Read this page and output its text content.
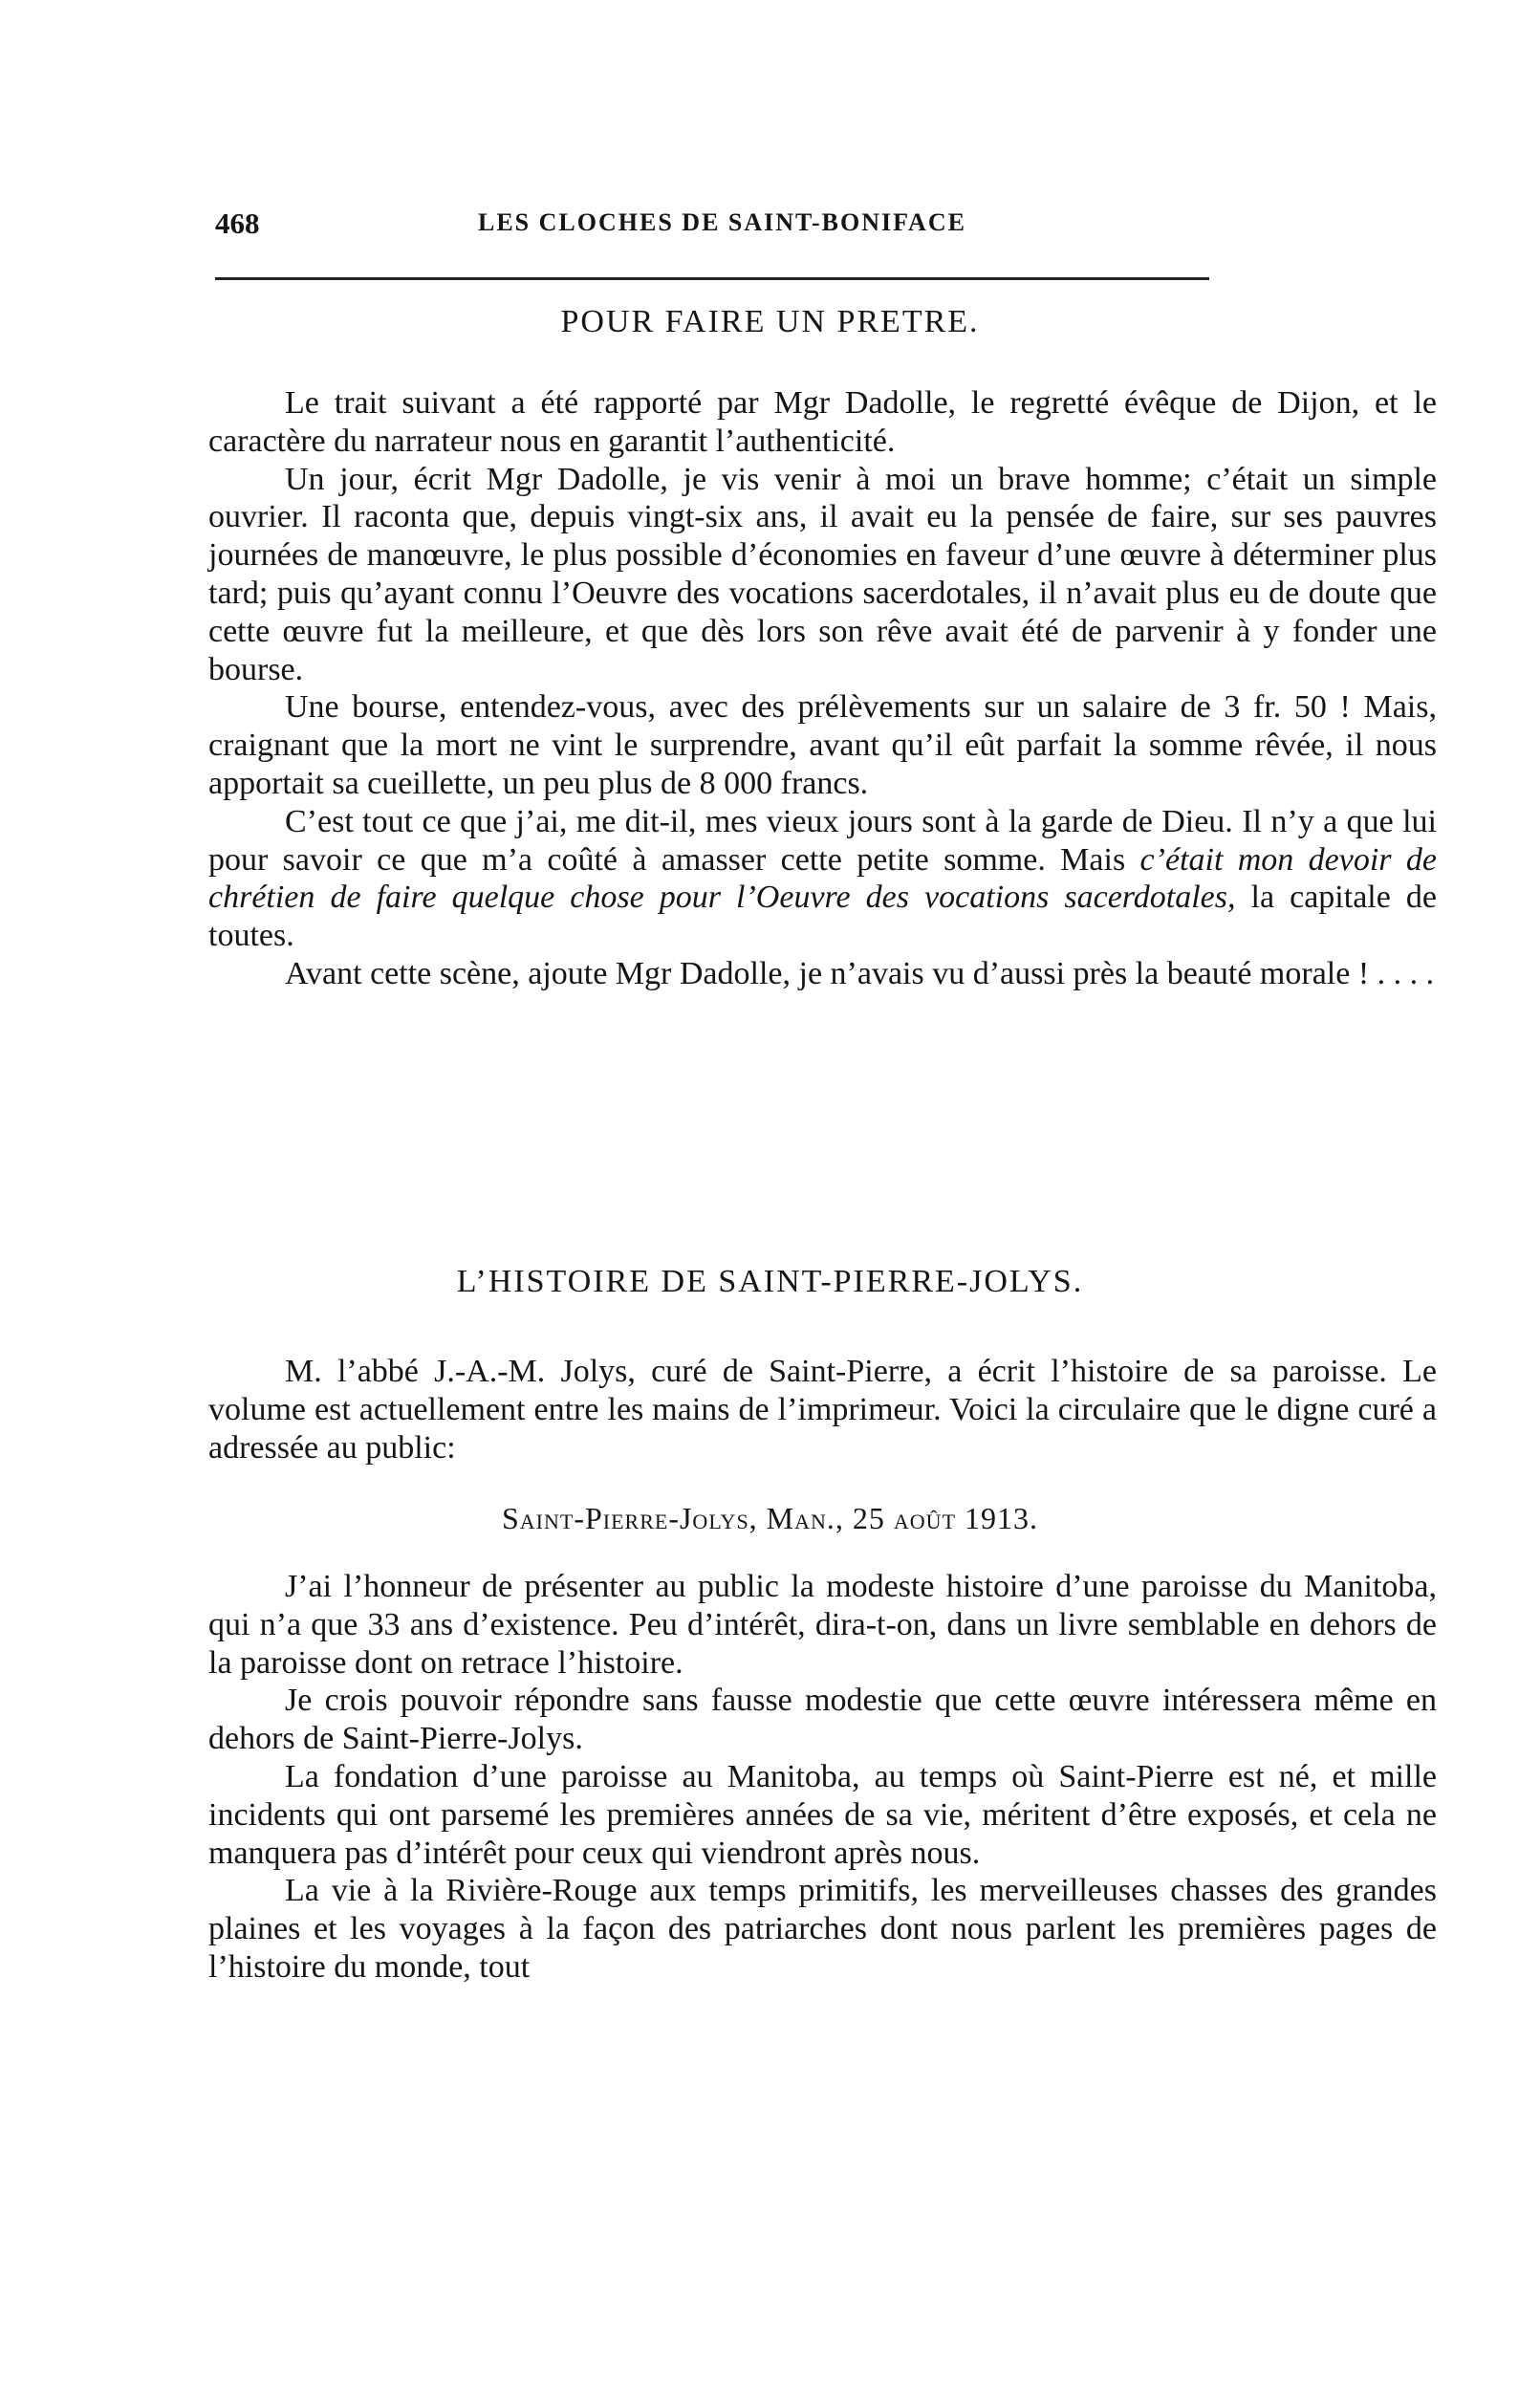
468	LES CLOCHES DE SAINT-BONIFACE
POUR FAIRE UN PRETRE.

Le trait suivant a été rapporté par Mgr Dadolle, le regretté évêque de Dijon, et le caractère du narrateur nous en garantit l’authenticité.

Un jour, écrit Mgr Dadolle, je vis venir à moi un brave homme; c’était un simple ouvrier. Il raconta que, depuis vingt-six ans, il avait eu la pensée de faire, sur ses pauvres journées de manœuvre, le plus possible d’économies en faveur d’une œuvre à déterminer plus tard; puis qu’ayant connu l’Oeuvre des vocations sacerdotales, il n’avait plus eu de doute que cette œuvre fut la meilleure, et que dès lors son rêve avait été de parvenir à y fonder une bourse.

Une bourse, entendez-vous, avec des prélèvements sur un salaire de 3 fr. 50 ! Mais, craignant que la mort ne vint le surprendre, avant qu’il eût parfait la somme rêvée, il nous apportait sa cueillette, un peu plus de 8 000 francs.

C’est tout ce que j’ai, me dit-il, mes vieux jours sont à la garde de Dieu. Il n’y a que lui pour savoir ce que m’a coûté à amasser cette petite somme. Mais c’était mon devoir de chrétien de faire quelque chose pour l’Oeuvre des vocations sacerdotales, la capitale de toutes.

Avant cette scène, ajoute Mgr Dadolle, je n’avais vu d’aussi près la beauté morale ! . . . .

L’HISTOIRE DE SAINT-PIERRE-JOLYS.

M. l’abbé J.-A.-M. Jolys, curé de Saint-Pierre, a écrit l’histoire de sa paroisse. Le volume est actuellement entre les mains de l’imprimeur. Voici la circulaire que le digne curé a adressée au public:

Saint-Pierre-Jolys, Man., 25 août 1913.

J’ai l’honneur de présenter au public la modeste histoire d’une paroisse du Manitoba, qui n’a que 33 ans d’existence. Peu d’intérêt, dira-t-on, dans un livre semblable en dehors de la paroisse dont on retrace l’histoire.

Je crois pouvoir répondre sans fausse modestie que cette œuvre intéressera même en dehors de Saint-Pierre-Jolys.

La fondation d’une paroisse au Manitoba, au temps où Saint-Pierre est né, et mille incidents qui ont parsemé les premières années de sa vie, méritent d’être exposés, et cela ne manquera pas d’intérêt pour ceux qui viendront après nous.

La vie à la Rivière-Rouge aux temps primitifs, les merveilleuses chasses des grandes plaines et les voyages à la façon des patriarches dont nous parlent les premières pages de l’histoire du monde, tout
